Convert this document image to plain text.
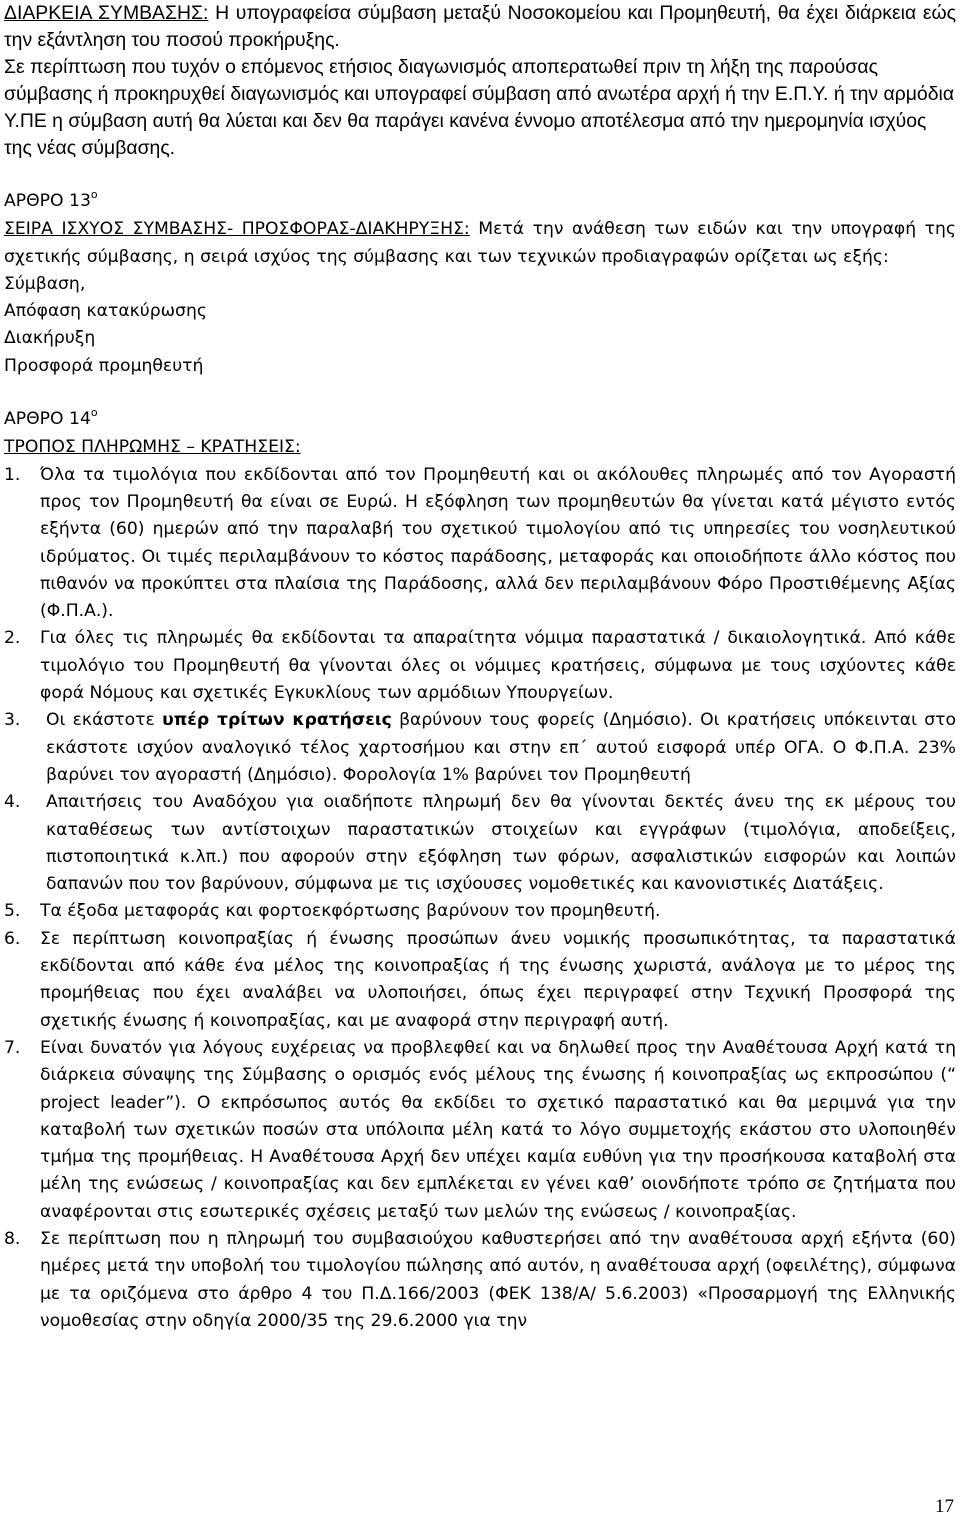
ΔΙΑΡΚΕΙΑ ΣΥΜΒΑΣΗΣ: Η υπογραφείσα σύμβαση μεταξύ Νοσοκομείου και Προμηθευτή, θα έχει διάρκεια εώς την εξάντληση του ποσού προκήρυξης.

Σε περίπτωση που τυχόν ο επόμενος ετήσιος διαγωνισμός αποπερατωθεί πριν τη λήξη της παρούσας σύμβασης ή προκηρυχθεί διαγωνισμός και υπογραφεί σύμβαση από ανωτέρα αρχή ή την Ε.Π.Υ. ή την αρμόδια Υ.ΠΕ η σύμβαση αυτή θα λύεται και δεν θα παράγει κανένα έννομο αποτέλεσμα από την ημερομηνία ισχύος της νέας σύμβασης.

ΑΡΘΡΟ $13^o$

ΣΕΙΡΑ ΙΣΧΥΟΣ ΣΥΜΒΑΣΗΣ- ΠΡΟΣΦΟΡΑΣ-ΔΙΑΚΗΡΥΞΗΣ: Μετά την ανάθεση των ειδών και την υπογραφή της σχετικής σύμβασης, η σειρά ισχύος της σύμβασης και των τεχνικών προδιαγραφών ορίζεται ως εξής:

Σύμβαση,

Απόφαση κατακύρωσης

Διακήρυξη

Προσφορά προμηθευτή

ΑΡΘΡΟ $14^o$

ΤΡΟΠΟΣ ΠΛΗΡΩΜΗΣ – ΚΡΑΤΗΣΕΙΣ:

1. Όλα τα τιμολόγια που εκδίδονται από τον Προμηθευτή και οι ακόλουθες πληρωμές από τον Αγοραστή προς τον Προμηθευτή θα είναι σε Ευρώ. Η εξόφληση των προμηθευτών θα γίνεται κατά μέγιστο εντός εξήντα (60) ημερών από την παραλαβή του σχετικού τιμολογίου από τις υπηρεσίες του νοσηλευτικού ιδρύματος. Οι τιμές περιλαμβάνουν το κόστος παράδοσης, μεταφοράς και οποιοδήποτε άλλο κόστος που πιθανόν να προκύπτει στα πλαίσια της Παράδοσης, αλλά δεν περιλαμβάνουν Φόρο Προστιθέμενης Αξίας (Φ.Π.Α.).
2. Για όλες τις πληρωμές θα εκδίδονται τα απαραίτητα νόμιμα παραστατικά / δικαιολογητικά. Από κάθε τιμολόγιο του Προμηθευτή θα γίνονται όλες οι νόμιμες κρατήσεις, σύμφωνα με τους ισχύοντες κάθε φορά Νόμους και σχετικές Εγκυκλίους των αρμόδιων Υπουργείων.
3. Οι εκάστοτε υπέρ τρίτων κρατήσεις βαρύνουν τους φορείς (Δημόσιο). Οι κρατήσεις υπόκεινται στο εκάστοτε ισχύον αναλογικό τέλος χαρτοσήμου και στην επ΄ αυτού εισφορά υπέρ ΟΓΑ. Ο Φ.Π.Α. 23% βαρύνει τον αγοραστή (Δημόσιο). Φορολογία 1% βαρύνει τον Προμηθευτή
4. Απαιτήσεις του Αναδόχου για οιαδήποτε πληρωμή δεν θα γίνονται δεκτές άνευ της εκ μέρους του καταθέσεως των αντίστοιχων παραστατικών στοιχείων και εγγράφων (τιμολόγια, αποδείξεις, πιστοποιητικά κ.λπ.) που αφορούν στην εξόφληση των φόρων, ασφαλιστικών εισφορών και λοιπών δαπανών που τον βαρύνουν, σύμφωνα με τις ισχύουσες νομοθετικές και κανονιστικές Διατάξεις.
5. Τα έξοδα μεταφοράς και φορτοεκφόρτωσης βαρύνουν τον προμηθευτή.
6. Σε περίπτωση κοινοπραξίας ή ένωσης προσώπων άνευ νομικής προσωπικότητας, τα παραστατικά εκδίδονται από κάθε ένα μέλος της κοινοπραξίας ή της ένωσης χωριστά, ανάλογα με το μέρος της προμήθειας που έχει αναλάβει να υλοποιήσει, όπως έχει περιγραφεί στην Τεχνική Προσφορά της σχετικής ένωσης ή κοινοπραξίας, και με αναφορά στην περιγραφή αυτή.
7. Είναι δυνατόν για λόγους ευχέρειας να προβλεφθεί και να δηλωθεί προς την Αναθέτουσα Αρχή κατά τη διάρκεια σύναψης της Σύμβασης ο ορισμός ενός μέλους της ένωσης ή κοινοπραξίας ως εκπροσώπου (“ project leader”). Ο εκπρόσωπος αυτός θα εκδίδει το σχετικό παραστατικό και θα μεριμνά για την καταβολή των σχετικών ποσών στα υπόλοιπα μέλη κατά το λόγο συμμετοχής εκάστου στο υλοποιηθέν τμήμα της προμήθειας. Η Αναθέτουσα Αρχή δεν υπέχει καμία ευθύνη για την προσήκουσα καταβολή στα μέλη της ενώσεως / κοινοπραξίας και δεν εμπλέκεται εν γένει καθ’ οιονδήποτε τρόπο σε ζητήματα που αναφέρονται στις εσωτερικές σχέσεις μεταξύ των μελών της ενώσεως / κοινοπραξίας.
8. Σε περίπτωση που η πληρωμή του συμβασιούχου καθυστερήσει από την αναθέτουσα αρχή εξήντα (60) ημέρες μετά την υποβολή του τιμολογίου πώλησης από αυτόν, η αναθέτουσα αρχή (οφειλέτης), σύμφωνα με τα οριζόμενα στο άρθρο 4 του Π.Δ.166/2003 (ΦΕΚ 138/Α/ 5.6.2003) «Προσαρμογή της Ελληνικής νομοθεσίας στην οδηγία 2000/35 της 29.6.2000 για την
17
